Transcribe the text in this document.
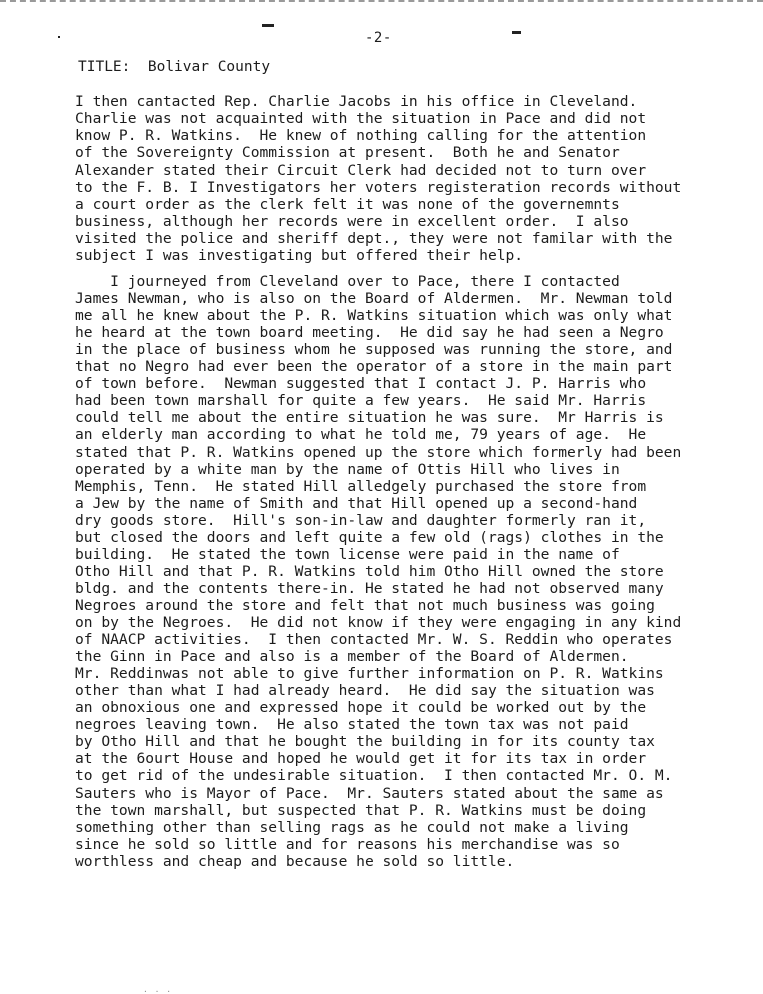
-2-
TITLE: Bolivar County
I then cantacted Rep. Charlie Jacobs in his office in Cleveland.
Charlie was not acquainted with the situation in Pace and did not
know P. R. Watkins.  He knew of nothing calling for the attention
of the Sovereignty Commission at present.  Both he and Senator
Alexander stated their Circuit Clerk had decided not to turn over
to the F. B. I Investigators her voters registeration records without
a court order as the clerk felt it was none of the governemnts
business, although her records were in excellent order.  I also
visited the police and sheriff dept., they were not familar with the
subject I was investigating but offered their help.
I journeyed from Cleveland over to Pace, there I contacted
James Newman, who is also on the Board of Aldermen.  Mr. Newman told
me all he knew about the P. R. Watkins situation which was only what
he heard at the town board meeting.  He did say he had seen a Negro
in the place of business whom he supposed was running the store, and
that no Negro had ever been the operator of a store in the main part
of town before.  Newman suggested that I contact J. P. Harris who
had been town marshall for quite a few years.  He said Mr. Harris
could tell me about the entire situation he was sure.  Mr Harris is
an elderly man according to what he told me, 79 years of age.  He
stated that P. R. Watkins opened up the store which formerly had been
operated by a white man by the name of Ottis Hill who lives in
Memphis, Tenn.  He stated Hill alledgely purchased the store from
a Jew by the name of Smith and that Hill opened up a second-hand
dry goods store.  Hill's son-in-law and daughter formerly ran it,
but closed the doors and left quite a few old (rags) clothes in the
building.  He stated the town license were paid in the name of
Otho Hill and that P. R. Watkins told him Otho Hill owned the store
bldg. and the contents there-in. He stated he had not observed many
Negroes around the store and felt that not much business was going
on by the Negroes.  He did not know if they were engaging in any kind
of NAACP activities.  I then contacted Mr. W. S. Reddin who operates
the Ginn in Pace and also is a member of the Board of Aldermen.
Mr. Reddinwas not able to give further information on P. R. Watkins
other than what I had already heard.  He did say the situation was
an obnoxious one and expressed hope it could be worked out by the
negroes leaving town.  He also stated the town tax was not paid
by Otho Hill and that he bought the building in for its county tax
at the 6ourt House and hoped he would get it for its tax in order
to get rid of the undesirable situation.  I then contacted Mr. O. M.
Sauters who is Mayor of Pace.  Mr. Sauters stated about the same as
the town marshall, but suspected that P. R. Watkins must be doing
something other than selling rags as he could not make a living
since he sold so little and for reasons his merchandise was so
worthless and cheap and because he sold so little.
. . .
